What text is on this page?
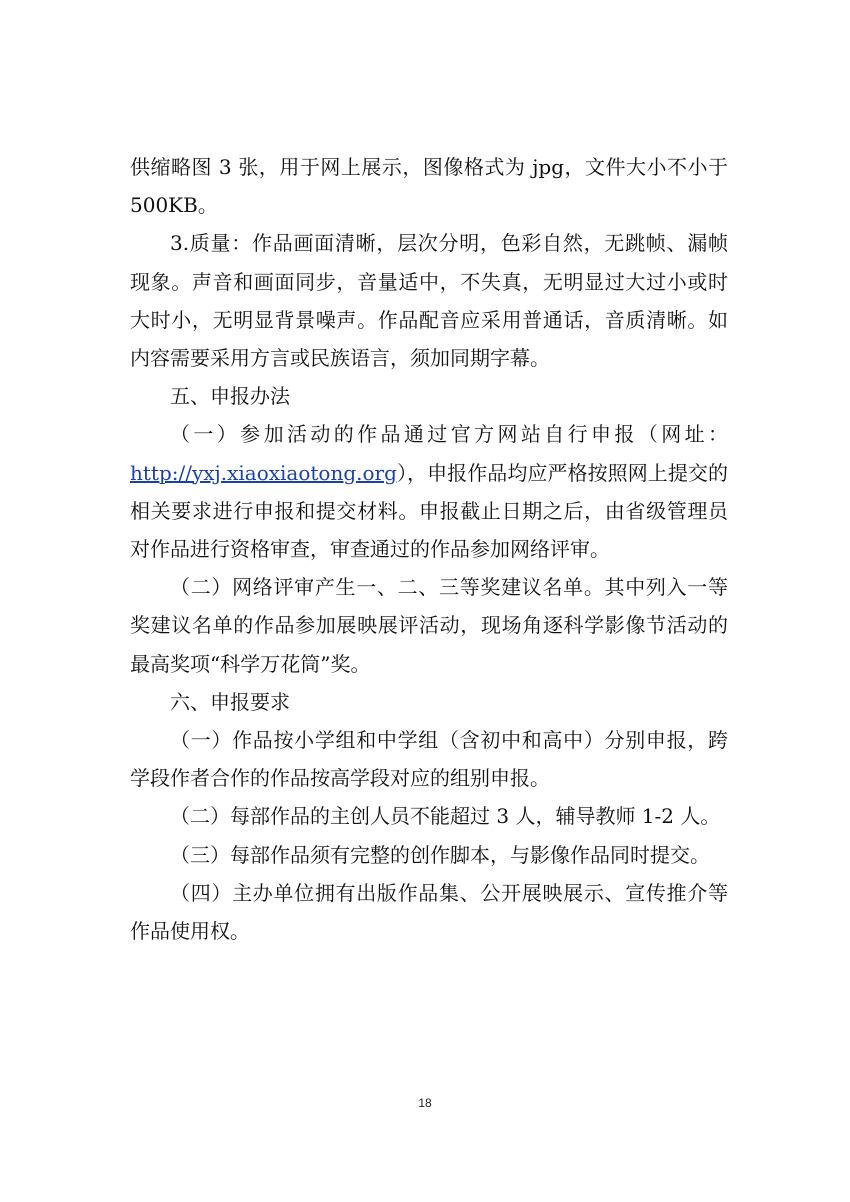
供缩略图 3 张，用于网上展示，图像格式为 jpg，文件大小不小于500KB。

3.质量：作品画面清晰，层次分明，色彩自然，无跳帧、漏帧现象。声音和画面同步，音量适中，不失真，无明显过大过小或时大时小，无明显背景噪声。作品配音应采用普通话，音质清晰。如内容需要采用方言或民族语言，须加同期字幕。

五、申报办法

（一）参加活动的作品通过官方网站自行申报（网址：http://yxj.xiaoxiaotong.org），申报作品均应严格按照网上提交的相关要求进行申报和提交材料。申报截止日期之后，由省级管理员对作品进行资格审查，审查通过的作品参加网络评审。

（二）网络评审产生一、二、三等奖建议名单。其中列入一等奖建议名单的作品参加展映展评活动，现场角逐科学影像节活动的最高奖项“科学万花筒”奖。

六、申报要求

（一）作品按小学组和中学组（含初中和高中）分别申报，跨学段作者合作的作品按高学段对应的组别申报。

（二）每部作品的主创人员不能超过 3 人，辅导教师 1-2 人。

（三）每部作品须有完整的创作脚本，与影像作品同时提交。

（四）主办单位拥有出版作品集、公开展映展示、宣传推介等作品使用权。

18
